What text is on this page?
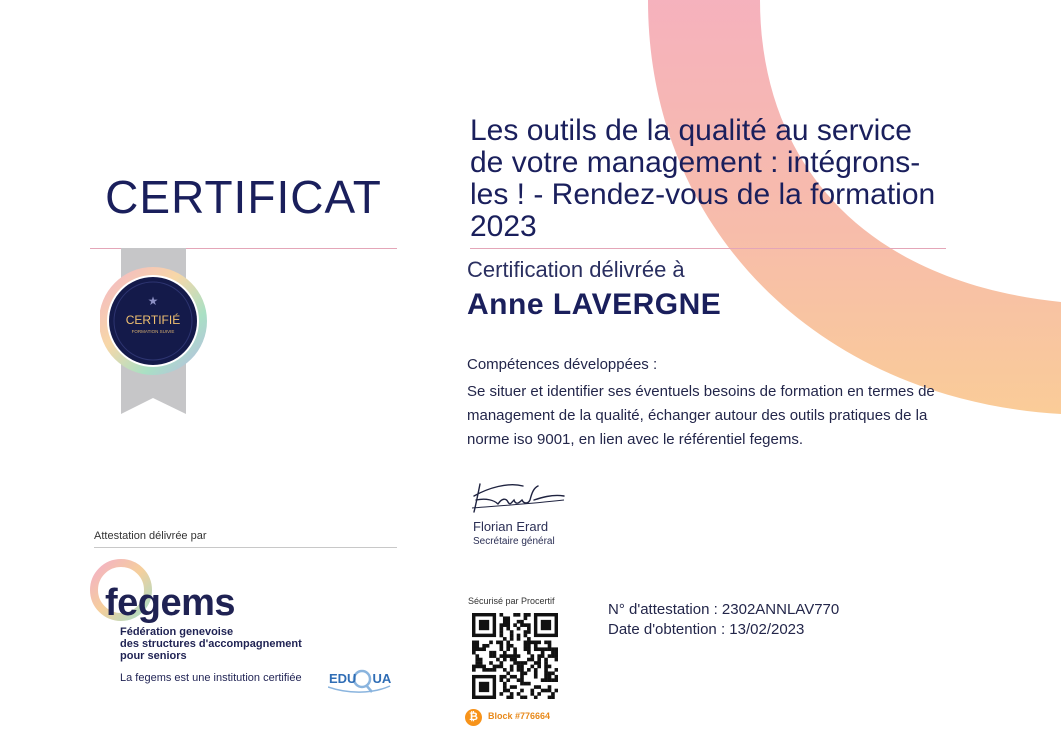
CERTIFICAT
★
CERTIFIÉ
FORMATION SUIVIE
Les outils de la qualité au service de votre management : intégrons-les ! - Rendez-vous de la formation 2023
Certification délivrée à
Anne LAVERGNE
Compétences développées :
Se situer et identifier ses éventuels besoins de formation en termes de management de la qualité, échanger autour des outils pratiques de la norme iso 9001, en lien avec le référentiel fegems.
Florian Erard
Secrétaire général
Sécurisé par Procertif
₿	Block #776664
N° d'attestation : 2302ANNLAV770
Date d'obtention : 13/02/2023
Attestation délivrée par
fegems
Fédération genevoise
des structures d'accompagnement
pour seniors
La fegems est une institution certifiée EDU UA
